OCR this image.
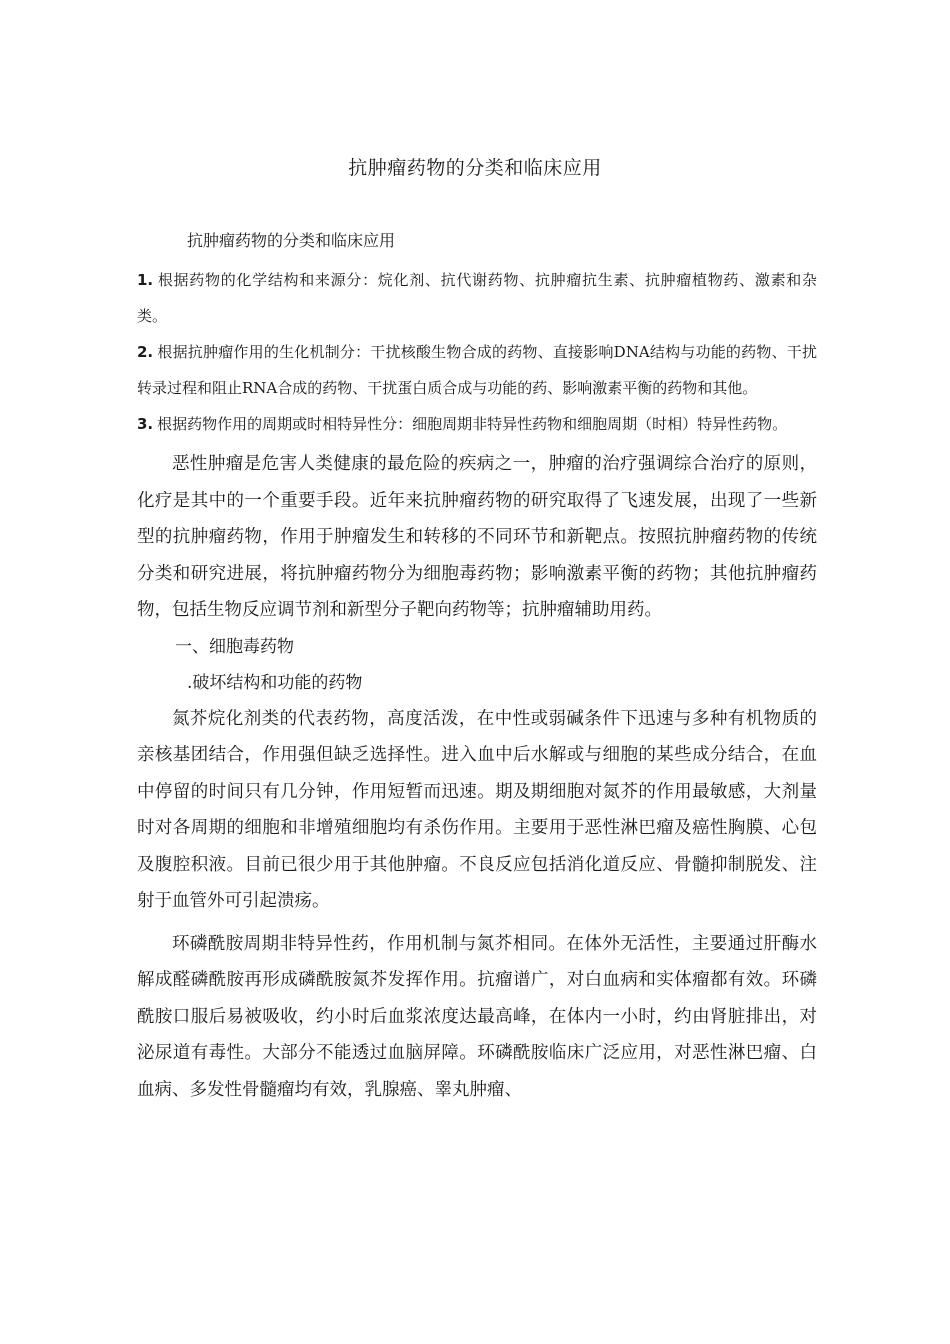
抗肿瘤药物的分类和临床应用
抗肿瘤药物的分类和临床应用

1. 根据药物的化学结构和来源分：烷化剂、抗代谢药物、抗肿瘤抗生素、抗肿瘤植物药、激素和杂类。

2. 根据抗肿瘤作用的生化机制分：干扰核酸生物合成的药物、直接影响DNA结构与功能的药物、干扰转录过程和阻止RNA合成的药物、干扰蛋白质合成与功能的药、影响激素平衡的药物和其他。

3. 根据药物作用的周期或时相特异性分：细胞周期非特异性药物和细胞周期（时相）特异性药物。

恶性肿瘤是危害人类健康的最危险的疾病之一，肿瘤的治疗强调综合治疗的原则，化疗是其中的一个重要手段。近年来抗肿瘤药物的研究取得了飞速发展，出现了一些新型的抗肿瘤药物，作用于肿瘤发生和转移的不同环节和新靶点。按照抗肿瘤药物的传统分类和研究进展，将抗肿瘤药物分为细胞毒药物；影响激素平衡的药物；其他抗肿瘤药物，包括生物反应调节剂和新型分子靶向药物等；抗肿瘤辅助用药。

一、细胞毒药物

.破坏结构和功能的药物

氮芥烷化剂类的代表药物，高度活泼，在中性或弱碱条件下迅速与多种有机物质的亲核基团结合，作用强但缺乏选择性。进入血中后水解或与细胞的某些成分结合，在血中停留的时间只有几分钟，作用短暂而迅速。期及期细胞对氮芥的作用最敏感，大剂量时对各周期的细胞和非增殖细胞均有杀伤作用。主要用于恶性淋巴瘤及癌性胸膜、心包及腹腔积液。目前已很少用于其他肿瘤。不良反应包括消化道反应、骨髓抑制脱发、注射于血管外可引起溃疡。

环磷酰胺周期非特异性药，作用机制与氮芥相同。在体外无活性，主要通过肝酶水解成醛磷酰胺再形成磷酰胺氮芥发挥作用。抗瘤谱广，对白血病和实体瘤都有效。环磷酰胺口服后易被吸收，约小时后血浆浓度达最高峰，在体内一小时，约由肾脏排出，对泌尿道有毒性。大部分不能透过血脑屏障。环磷酰胺临床广泛应用，对恶性淋巴瘤、白血病、多发性骨髓瘤均有效，乳腺癌、睾丸肿瘤、
